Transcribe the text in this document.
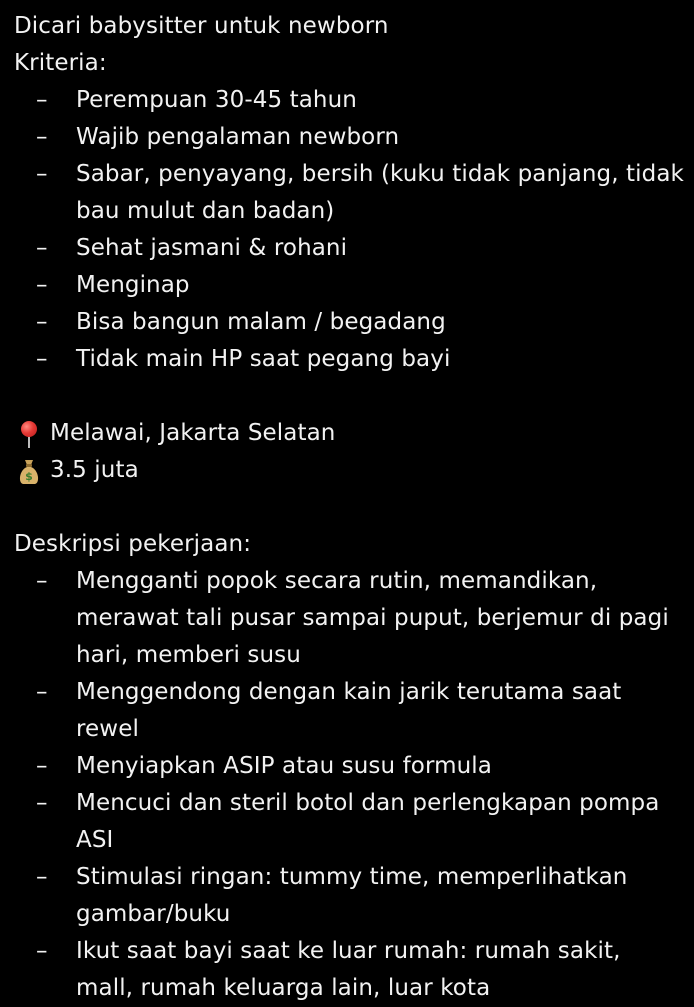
Dicari babysitter untuk newborn
Kriteria:
– Perempuan 30-45 tahun
– Wajib pengalaman newborn
– Sabar, penyayang, bersih (kuku tidak panjang, tidak bau mulut dan badan)
– Sehat jasmani & rohani
– Menginap
– Bisa bangun malam / begadang
– Tidak main HP saat pegang bayi
Melawai, Jakarta Selatan
$ 3.5 juta
Deskripsi pekerjaan:
– Mengganti popok secara rutin, memandikan, merawat tali pusar sampai puput, berjemur di pagi hari, memberi susu
– Menggendong dengan kain jarik terutama saat rewel
– Menyiapkan ASIP atau susu formula
– Mencuci dan steril botol dan perlengkapan pompa ASI
– Stimulasi ringan: tummy time, memperlihatkan gambar/buku
– Ikut saat bayi saat ke luar rumah: rumah sakit, mall, rumah keluarga lain, luar kota
